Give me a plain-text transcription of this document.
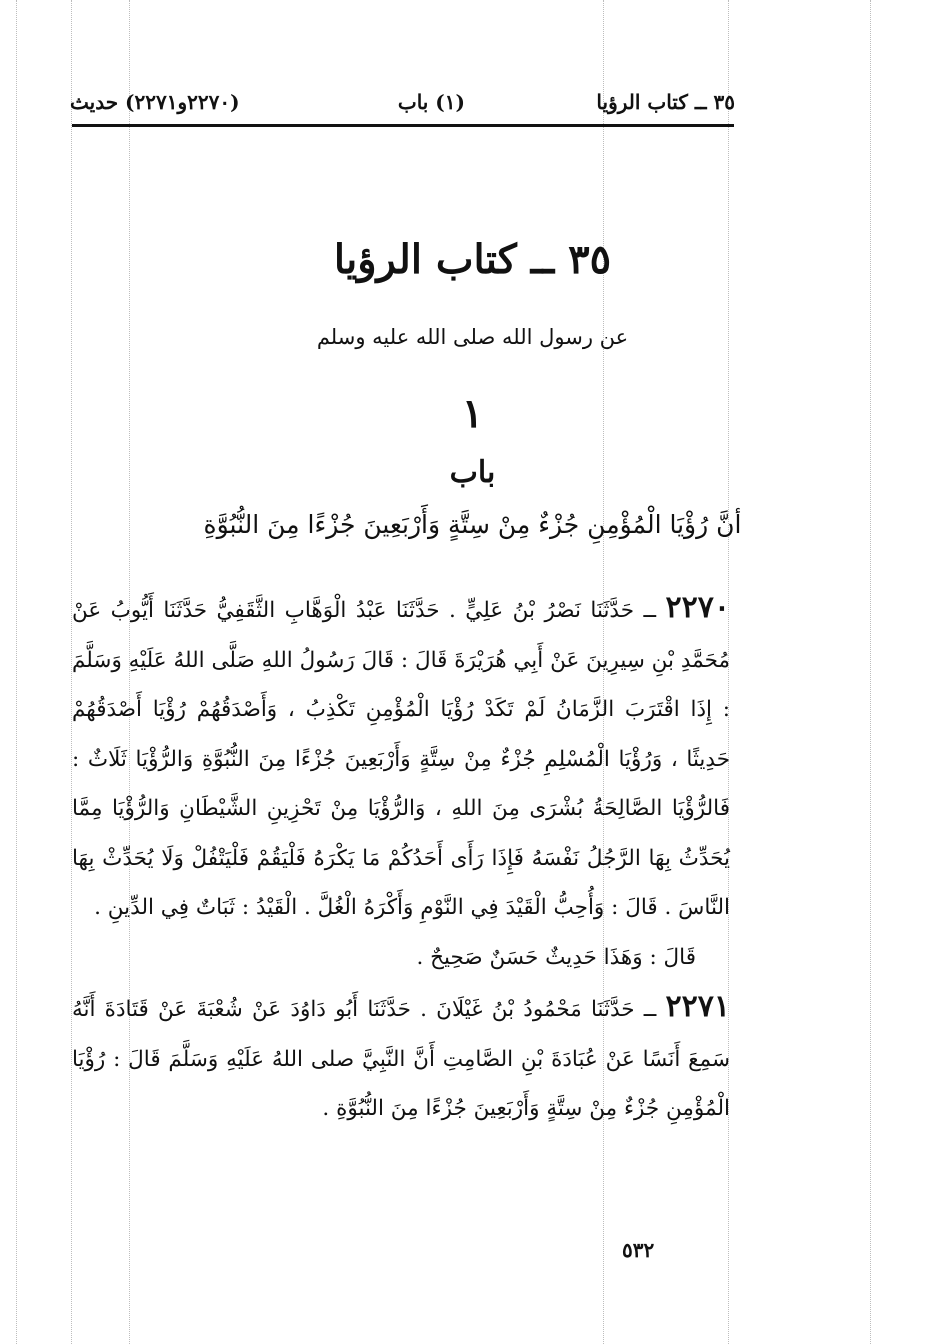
٣٥ ــ كتاب الرؤيا
(١) باب
(٢٢٧٠و٢٢٧١) حديث
٣٥ ــ كتاب الرؤيا
عن رسول الله صلى الله عليه وسلم
١
باب
أنَّ رُؤْيَا الْمُؤْمِنِ جُزْءٌ مِنْ سِتَّةٍ وَأَرْبَعِينَ جُزْءًا مِنَ النُّبُوَّةِ

٢٢٧٠ ــ حَدَّثَنَا نَصْرُ بْنُ عَلِيٍّ . حَدَّثَنَا عَبْدُ الْوَهَّابِ الثَّقَفِيُّ حَدَّثَنَا أَيُّوبُ عَنْ مُحَمَّدِ بْنِ سِيرِينَ عَنْ أَبِي هُرَيْرَةَ قَالَ : قَالَ رَسُولُ اللهِ صَلَّى اللهُ عَلَيْهِ وَسَلَّمَ : إِذَا اقْتَرَبَ الزَّمَانُ لَمْ تَكَدْ رُؤْيَا الْمُؤْمِنِ تَكْذِبُ ، وَأَصْدَقُهُمْ رُؤْيَا أَصْدَقُهُمْ حَدِيثًا ، وَرُؤْيَا الْمُسْلِمِ جُزْءٌ مِنْ سِتَّةٍ وَأَرْبَعِينَ جُزْءًا مِنَ النُّبُوَّةِ وَالرُّؤْيَا ثَلَاثٌ : فَالرُّؤْيَا الصَّالِحَةُ بُشْرَى مِنَ اللهِ ، وَالرُّؤْيَا مِنْ تَحْزِينِ الشَّيْطَانِ وَالرُّؤْيَا مِمَّا يُحَدِّثُ بِهَا الرَّجُلُ نَفْسَهُ فَإِذَا رَأَى أَحَدُكُمْ مَا يَكْرَهُ فَلْيَقُمْ فَلْيَتْفُلْ وَلَا يُحَدِّثْ بِهَا النَّاسَ . قَالَ : وَأُحِبُّ الْقَيْدَ فِي النَّوْمِ وَأَكْرَهُ الْغُلَّ . الْقَيْدُ : ثَبَاتٌ فِي الدِّينِ .

قَالَ : وَهَذَا حَدِيثٌ حَسَنٌ صَحِيحٌ .

٢٢٧١ ــ حَدَّثَنَا مَحْمُودُ بْنُ غَيْلَانَ . حَدَّثَنَا أَبُو دَاوُدَ عَنْ شُعْبَةَ عَنْ قَتَادَةَ أَنَّهُ سَمِعَ أَنَسًا عَنْ عُبَادَةَ بْنِ الصَّامِتِ أَنَّ النَّبِيَّ صلى اللهُ عَلَيْهِ وَسَلَّمَ قَالَ : رُؤْيَا الْمُؤْمِنِ جُزْءٌ مِنْ سِتَّةٍ وَأَرْبَعِينَ جُزْءًا مِنَ النُّبُوَّةِ .

٥٣٢
